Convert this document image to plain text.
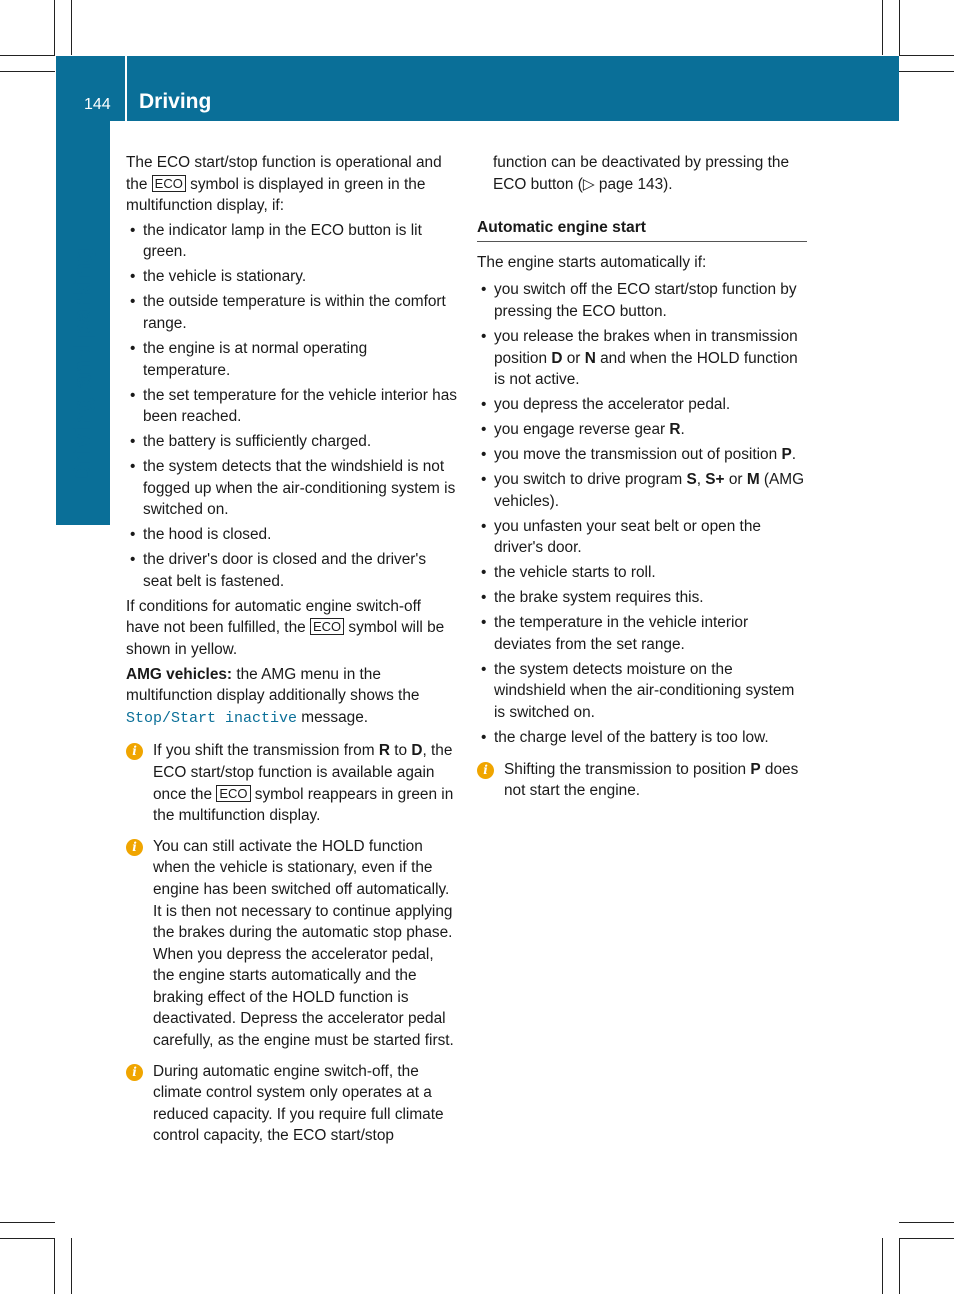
144 Driving
Driving and parking

The ECO start/stop function is operational and the ECO symbol is displayed in green in the multifunction display, if:

• the indicator lamp in the ECO button is lit green.
• the vehicle is stationary.
• the outside temperature is within the comfort range.
• the engine is at normal operating temperature.
• the set temperature for the vehicle interior has been reached.
• the battery is sufficiently charged.
• the system detects that the windshield is not fogged up when the air-conditioning system is switched on.
• the hood is closed.
• the driver's door is closed and the driver's seat belt is fastened.

If conditions for automatic engine switch-off have not been fulfilled, the ECO symbol will be shown in yellow.

AMG vehicles: the AMG menu in the multifunction display additionally shows the Stop/Start inactive message.

i	If you shift the transmission from R to D, the ECO start/stop function is available again once the ECO symbol reappears in green in the multifunction display.
i	You can still activate the HOLD function when the vehicle is stationary, even if the engine has been switched off automatically. It is then not necessary to continue applying the brakes during the automatic stop phase. When you depress the accelerator pedal, the engine starts automatically and the braking effect of the HOLD function is deactivated. Depress the accelerator pedal carefully, as the engine must be started first.
i	During automatic engine switch-off, the climate control system only operates at a reduced capacity. If you require full climate control capacity, the ECO start/stop

function can be deactivated by pressing the ECO button (▷ page 143).

Automatic engine start

The engine starts automatically if:

• you switch off the ECO start/stop function by pressing the ECO button.
• you release the brakes when in transmission position D or N and when the HOLD function is not active.
• you depress the accelerator pedal.
• you engage reverse gear R.
• you move the transmission out of position P.
• you switch to drive program S, S+ or M (AMG vehicles).
• you unfasten your seat belt or open the driver's door.
• the vehicle starts to roll.
• the brake system requires this.
• the temperature in the vehicle interior deviates from the set range.
• the system detects moisture on the windshield when the air-conditioning system is switched on.
• the charge level of the battery is too low.
i	Shifting the transmission to position P does not start the engine.
